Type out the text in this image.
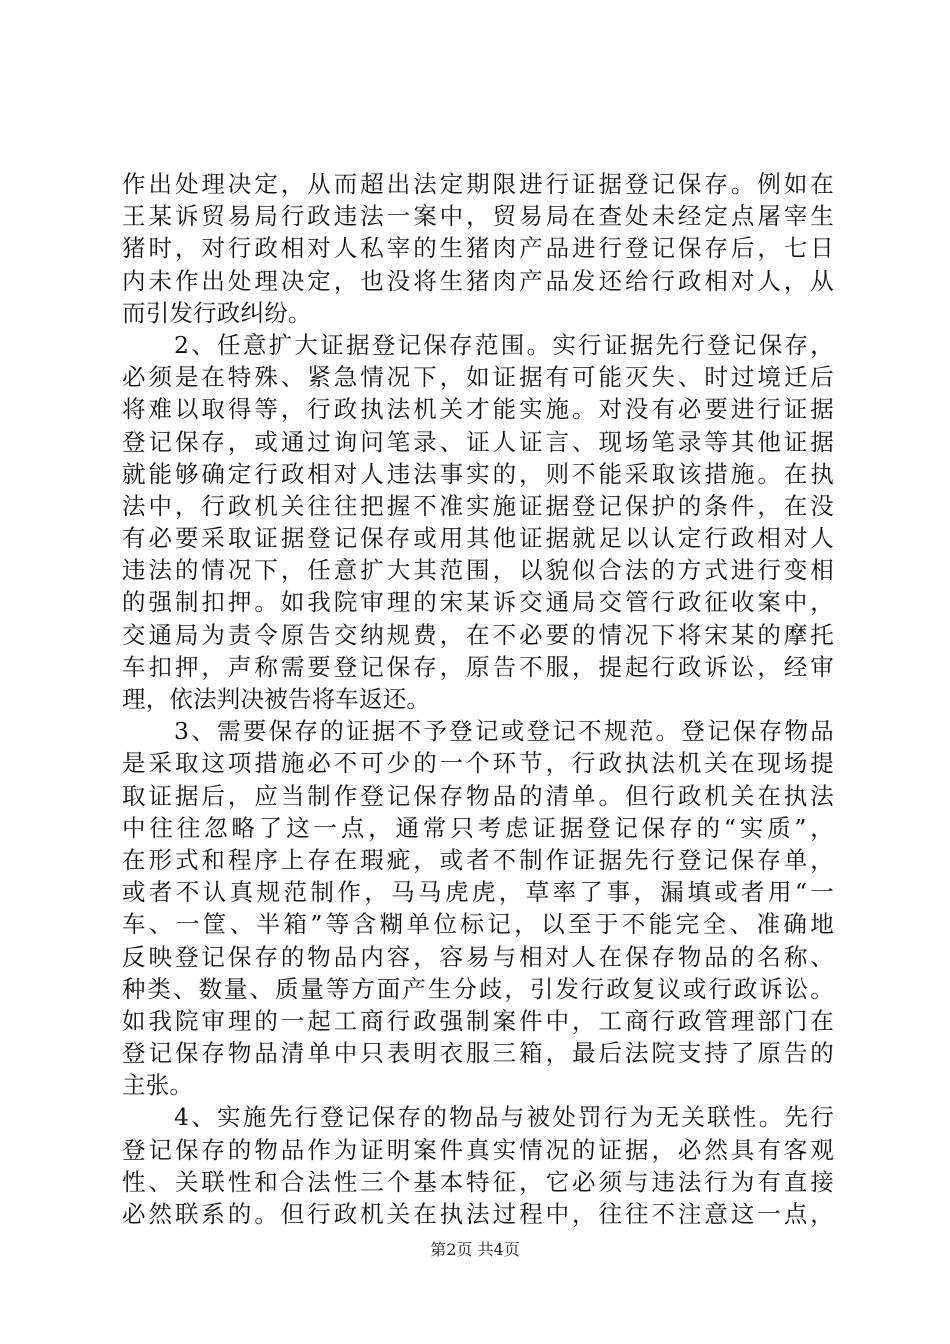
作出处理决定，从而超出法定期限进行证据登记保存。例如在
王某诉贸易局行政违法一案中，贸易局在查处未经定点屠宰生
猪时，对行政相对人私宰的生猪肉产品进行登记保存后，七日
内未作出处理决定，也没将生猪肉产品发还给行政相对人，从
而引发行政纠纷。
2、任意扩大证据登记保存范围。实行证据先行登记保存，
必须是在特殊、紧急情况下，如证据有可能灭失、时过境迁后
将难以取得等，行政执法机关才能实施。对没有必要进行证据
登记保存，或通过询问笔录、证人证言、现场笔录等其他证据
就能够确定行政相对人违法事实的，则不能采取该措施。在执
法中，行政机关往往把握不准实施证据登记保护的条件，在没
有必要采取证据登记保存或用其他证据就足以认定行政相对人
违法的情况下，任意扩大其范围，以貌似合法的方式进行变相
的强制扣押。如我院审理的宋某诉交通局交管行政征收案中，
交通局为责令原告交纳规费，在不必要的情况下将宋某的摩托
车扣押，声称需要登记保存，原告不服，提起行政诉讼，经审
理，依法判决被告将车返还。
3、需要保存的证据不予登记或登记不规范。登记保存物品
是采取这项措施必不可少的一个环节，行政执法机关在现场提
取证据后，应当制作登记保存物品的清单。但行政机关在执法
中往往忽略了这一点，通常只考虑证据登记保存的“实质”，
在形式和程序上存在瑕疵，或者不制作证据先行登记保存单，
或者不认真规范制作，马马虎虎，草率了事，漏填或者用“一
车、一筐、半箱”等含糊单位标记，以至于不能完全、准确地
反映登记保存的物品内容，容易与相对人在保存物品的名称、
种类、数量、质量等方面产生分歧，引发行政复议或行政诉讼。
如我院审理的一起工商行政强制案件中，工商行政管理部门在
登记保存物品清单中只表明衣服三箱，最后法院支持了原告的
主张。
4、实施先行登记保存的物品与被处罚行为无关联性。先行
登记保存的物品作为证明案件真实情况的证据，必然具有客观
性、关联性和合法性三个基本特征，它必须与违法行为有直接
必然联系的。但行政机关在执法过程中，往往不注意这一点，
第2页 共4页
